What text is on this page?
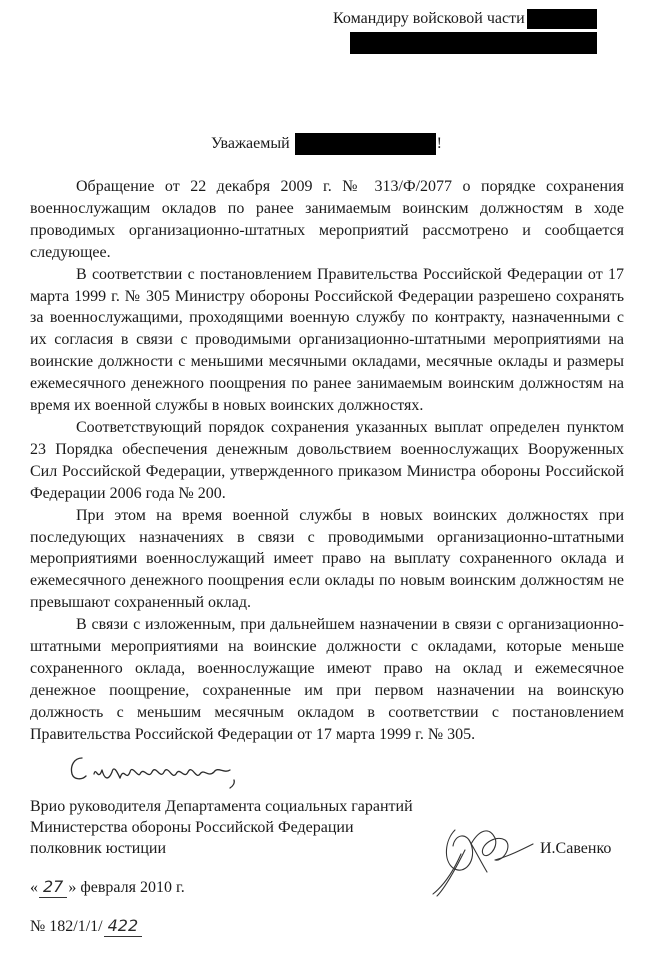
Командиру войсковой части
Уважаемый	!

Обращение от 22 декабря 2009 г. № 313/Ф/2077 о порядке сохранения военнослужащим окладов по ранее занимаемым воинским должностям в ходе проводимых организационно-штатных мероприятий рассмотрено и сообщается следующее.

В соответствии с постановлением Правительства Российской Федерации от 17 марта 1999 г. № 305 Министру обороны Российской Федерации разрешено сохранять за военнослужащими, проходящими военную службу по контракту, назначенными с их согласия в связи с проводимыми организационно-штатными мероприятиями на воинские должности с меньшими месячными окладами, месячные оклады и размеры ежемесячного денежного поощрения по ранее занимаемым воинским должностям на время их военной службы в новых воинских должностях.

Соответствующий порядок сохранения указанных выплат определен пунктом 23 Порядка обеспечения денежным довольствием военнослужащих Вооруженных Сил Российской Федерации, утвержденного приказом Министра обороны Российской Федерации 2006 года № 200.

При этом на время военной службы в новых воинских должностях при последующих назначениях в связи с проводимыми организационно-штатными мероприятиями военнослужащий имеет право на выплату сохраненного оклада и ежемесячного денежного поощрения если оклады по новым воинским должностям не превышают сохраненный оклад.

В связи с изложенным, при дальнейшем назначении в связи с организационно-штатными мероприятиями на воинские должности с окладами, которые меньше сохраненного оклада, военнослужащие имеют право на оклад и ежемесячное денежное поощрение, сохраненные им при первом назначении на воинскую должность с меньшим месячным окладом в соответствии с постановлением Правительства Российской Федерации от 17 марта 1999 г. № 305.

Врио руководителя Департамента социальных гарантий
Министерства обороны Российской Федерации
полковник юстиции	И.Савенко
« 27 » февраля 2010 г.
№ 182/1/1/ 422
